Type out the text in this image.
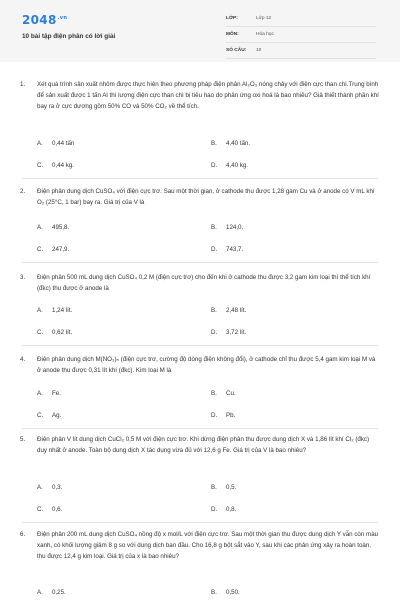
$2048^{.vn}$
10 bài tập điện phân có lời giải
LỚP:	Lớp 12
MÔN:	Hóa học
SỐ CÂU:	10
1.	Xét quá trình sản xuất nhôm được thực hiện theo phương pháp điện phân Al₂O₃ nóng chảy với điện cực than chì.Trung bình để sản xuất được 1 tấn Al thì lượng điện cực than chì bị tiêu hao do phản ứng oxi hoá là bao nhiêu? Giả thiết thành phần khí bay ra ở cực dương gồm 50% CO và 50% CO₂ về thể tích.
A. 0,44 tấn	B. 4,40 tấn.
C. 0,44 kg.	D. 4,40 kg.
2.	Điện phân dung dịch CuSO₄ với điện cực trơ. Sau một thời gian, ở cathode thu được 1,28 gam Cu và ở anode có V mL khí O₂ (25°C, 1 bar) bay ra. Giá trị của V là
A. 495,8.	B. 124,0.
C. 247,9.	D. 743,7.
3.	Điện phân 500 mL dung dịch CuSO₄ 0,2 M (điện cực trơ) cho đến khi ở cathode thu được 3,2 gam kim loại thì thể tích khí (đkc) thu được ở anode là
A. 1,24 lít.	B. 2,48 lít.
C. 0,62 lít.	D. 3,72 lít.
4.	Điện phân dung dịch M(NO₃)ₙ (điện cực trơ, cường độ dòng điện không đổi), ở cathode chỉ thu được 5,4 gam kim loại M và ở anode thu được 0,31 lít khí (đkc). Kim loại M là
A. Fe.	B. Cu.
C. Ag.	D. Pb.
5.	Điện phân V lít dung dịch CuCl₂ 0,5 M với điện cực trơ. Khi dừng điện phân thu được dung dịch X và 1,86 lít khí Cl₂ (đkc) duy nhất ở anode. Toàn bộ dung dịch X tác dụng vừa đủ với 12,6 g Fe. Giá trị của V là bao nhiêu?
A. 0,3.	B. 0,5.
C. 0,6.	D. 0,8.
6.	Điện phân 200 mL dung dịch CuSO₄ nồng độ x mol/L với điện cực trơ. Sau một thời gian thu được dung dịch Y vẫn còn màu xanh, có khối lượng giảm 8 g so với dung dịch ban đầu. Cho 16,8 g bột sắt vào Y, sau khi các phản ứng xảy ra hoàn toàn, thu được 12,4 g kim loại. Giá trị của x là bao nhiêu?
A. 0,25.	B. 0,50.
